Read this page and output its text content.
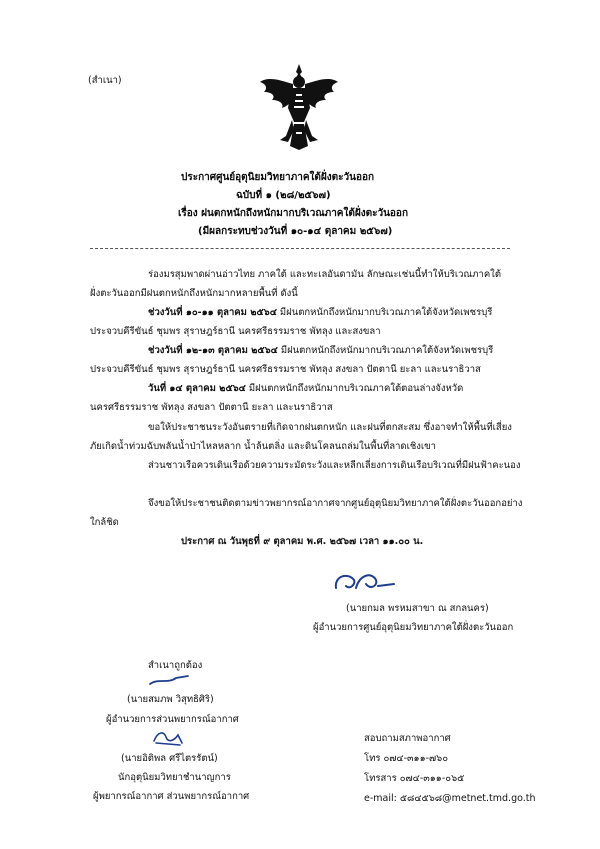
(สำเนา)
ประกาศศูนย์อุตุนิยมวิทยาภาคใต้ฝั่งตะวันออก
ฉบับที่ ๑ (๒๘/๒๕๖๗)
เรื่อง ฝนตกหนักถึงหนักมากบริเวณภาคใต้ฝั่งตะวันออก
(มีผลกระทบช่วงวันที่ ๑๐-๑๔ ตุลาคม ๒๕๖๗)
ร่องมรสุมพาดผ่านอ่าวไทย ภาคใต้ และทะเลอันดามัน ลักษณะเช่นนี้ทำให้บริเวณภาคใต้
ฝั่งตะวันออกมีฝนตกหนักถึงหนักมากหลายพื้นที่ ดังนี้
ช่วงวันที่ ๑๐-๑๑ ตุลาคม ๒๕๖๔ มีฝนตกหนักถึงหนักมากบริเวณภาคใต้จังหวัดเพชรบุรี
ประจวบคีรีขันธ์ ชุมพร สุราษฎร์ธานี นครศรีธรรมราช พัทลุง และสงขลา
ช่วงวันที่ ๑๒-๑๓ ตุลาคม ๒๕๖๔ มีฝนตกหนักถึงหนักมากบริเวณภาคใต้จังหวัดเพชรบุรี
ประจวบคีรีขันธ์ ชุมพร สุราษฎร์ธานี นครศรีธรรมราช พัทลุง สงขลา ปัตตานี ยะลา และนราธิวาส
วันที่ ๑๔ ตุลาคม ๒๕๖๔ มีฝนตกหนักถึงหนักมากบริเวณภาคใต้ตอนล่างจังหวัด
นครศรีธรรมราช พัทลุง สงขลา ปัตตานี ยะลา และนราธิวาส
ขอให้ประชาชนระวังอันตรายที่เกิดจากฝนตกหนัก และฝนที่ตกสะสม ซึ่งอาจทำให้พื้นที่เสี่ยง
ภัยเกิดน้ำท่วมฉับพลันน้ำป่าไหลหลาก น้ำล้นตลิ่ง และดินโคลนถล่มในพื้นที่ลาดเชิงเขา
ส่วนชาวเรือควรเดินเรือด้วยความระมัดระวังและหลีกเลี่ยงการเดินเรือบริเวณที่มีฝนฟ้าคะนอง
จึงขอให้ประชาชนติดตามข่าวพยากรณ์อากาศจากศูนย์อุตุนิยมวิทยาภาคใต้ฝั่งตะวันออกอย่าง
ใกล้ชิด
ประกาศ ณ วันพุธที่ ๙ ตุลาคม พ.ศ. ๒๕๖๗ เวลา ๑๑.๐๐ น.
(นายกมล พรหมสาขา ณ สกลนคร)
ผู้อำนวยการศูนย์อุตุนิยมวิทยาภาคใต้ฝั่งตะวันออก
สำเนาถูกต้อง
(นายสมภพ วิสุทธิศิริ)
ผู้อำนวยการส่วนพยากรณ์อากาศ
(นายอิติพล ศรีไตรรัตน์)
นักอุตุนิยมวิทยาชำนาญการ
ผู้พยากรณ์อากาศ ส่วนพยากรณ์อากาศ
สอบถามสภาพอากาศ
โทร ๐๗๔-๓๑๑-๗๖๐
โทรสาร ๐๗๔-๓๑๑-๐๖๕
e-mail: ๕๘๔๕๖๘@metnet.tmd.go.th
